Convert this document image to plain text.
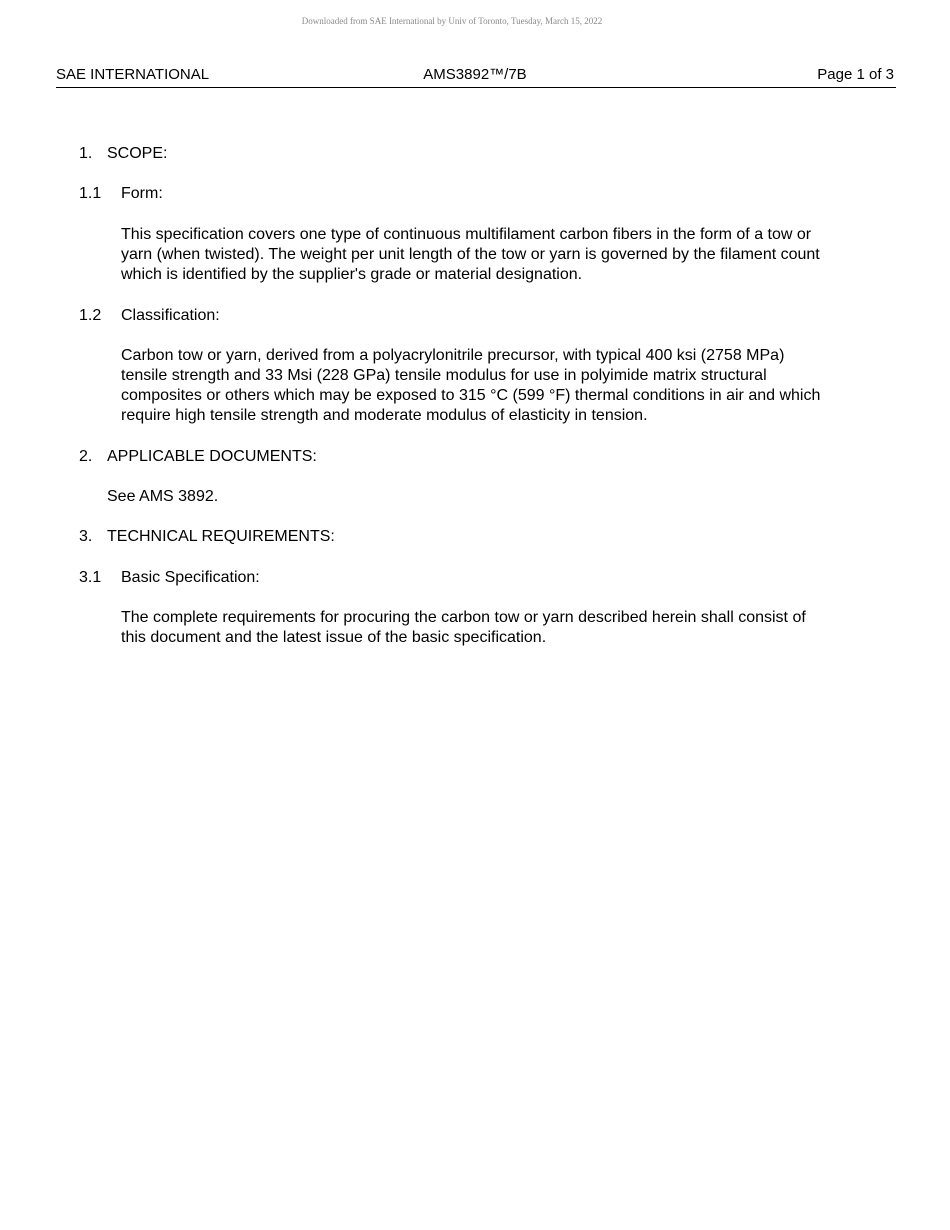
Downloaded from SAE International by Univ of Toronto, Tuesday, March 15, 2022
SAE INTERNATIONAL	AMS3892™/7B	Page 1 of 3
1. SCOPE:
1.1 Form:
This specification covers one type of continuous multifilament carbon fibers in the form of a tow or
yarn (when twisted). The weight per unit length of the tow or yarn is governed by the filament count
which is identified by the supplier's grade or material designation.
1.2 Classification:
Carbon tow or yarn, derived from a polyacrylonitrile precursor, with typical 400 ksi (2758 MPa)
tensile strength and 33 Msi (228 GPa) tensile modulus for use in polyimide matrix structural
composites or others which may be exposed to 315 °C (599 °F) thermal conditions in air and which
require high tensile strength and moderate modulus of elasticity in tension.
2. APPLICABLE DOCUMENTS:
See AMS 3892.
3. TECHNICAL REQUIREMENTS:
3.1 Basic Specification:
The complete requirements for procuring the carbon tow or yarn described herein shall consist of
this document and the latest issue of the basic specification.
